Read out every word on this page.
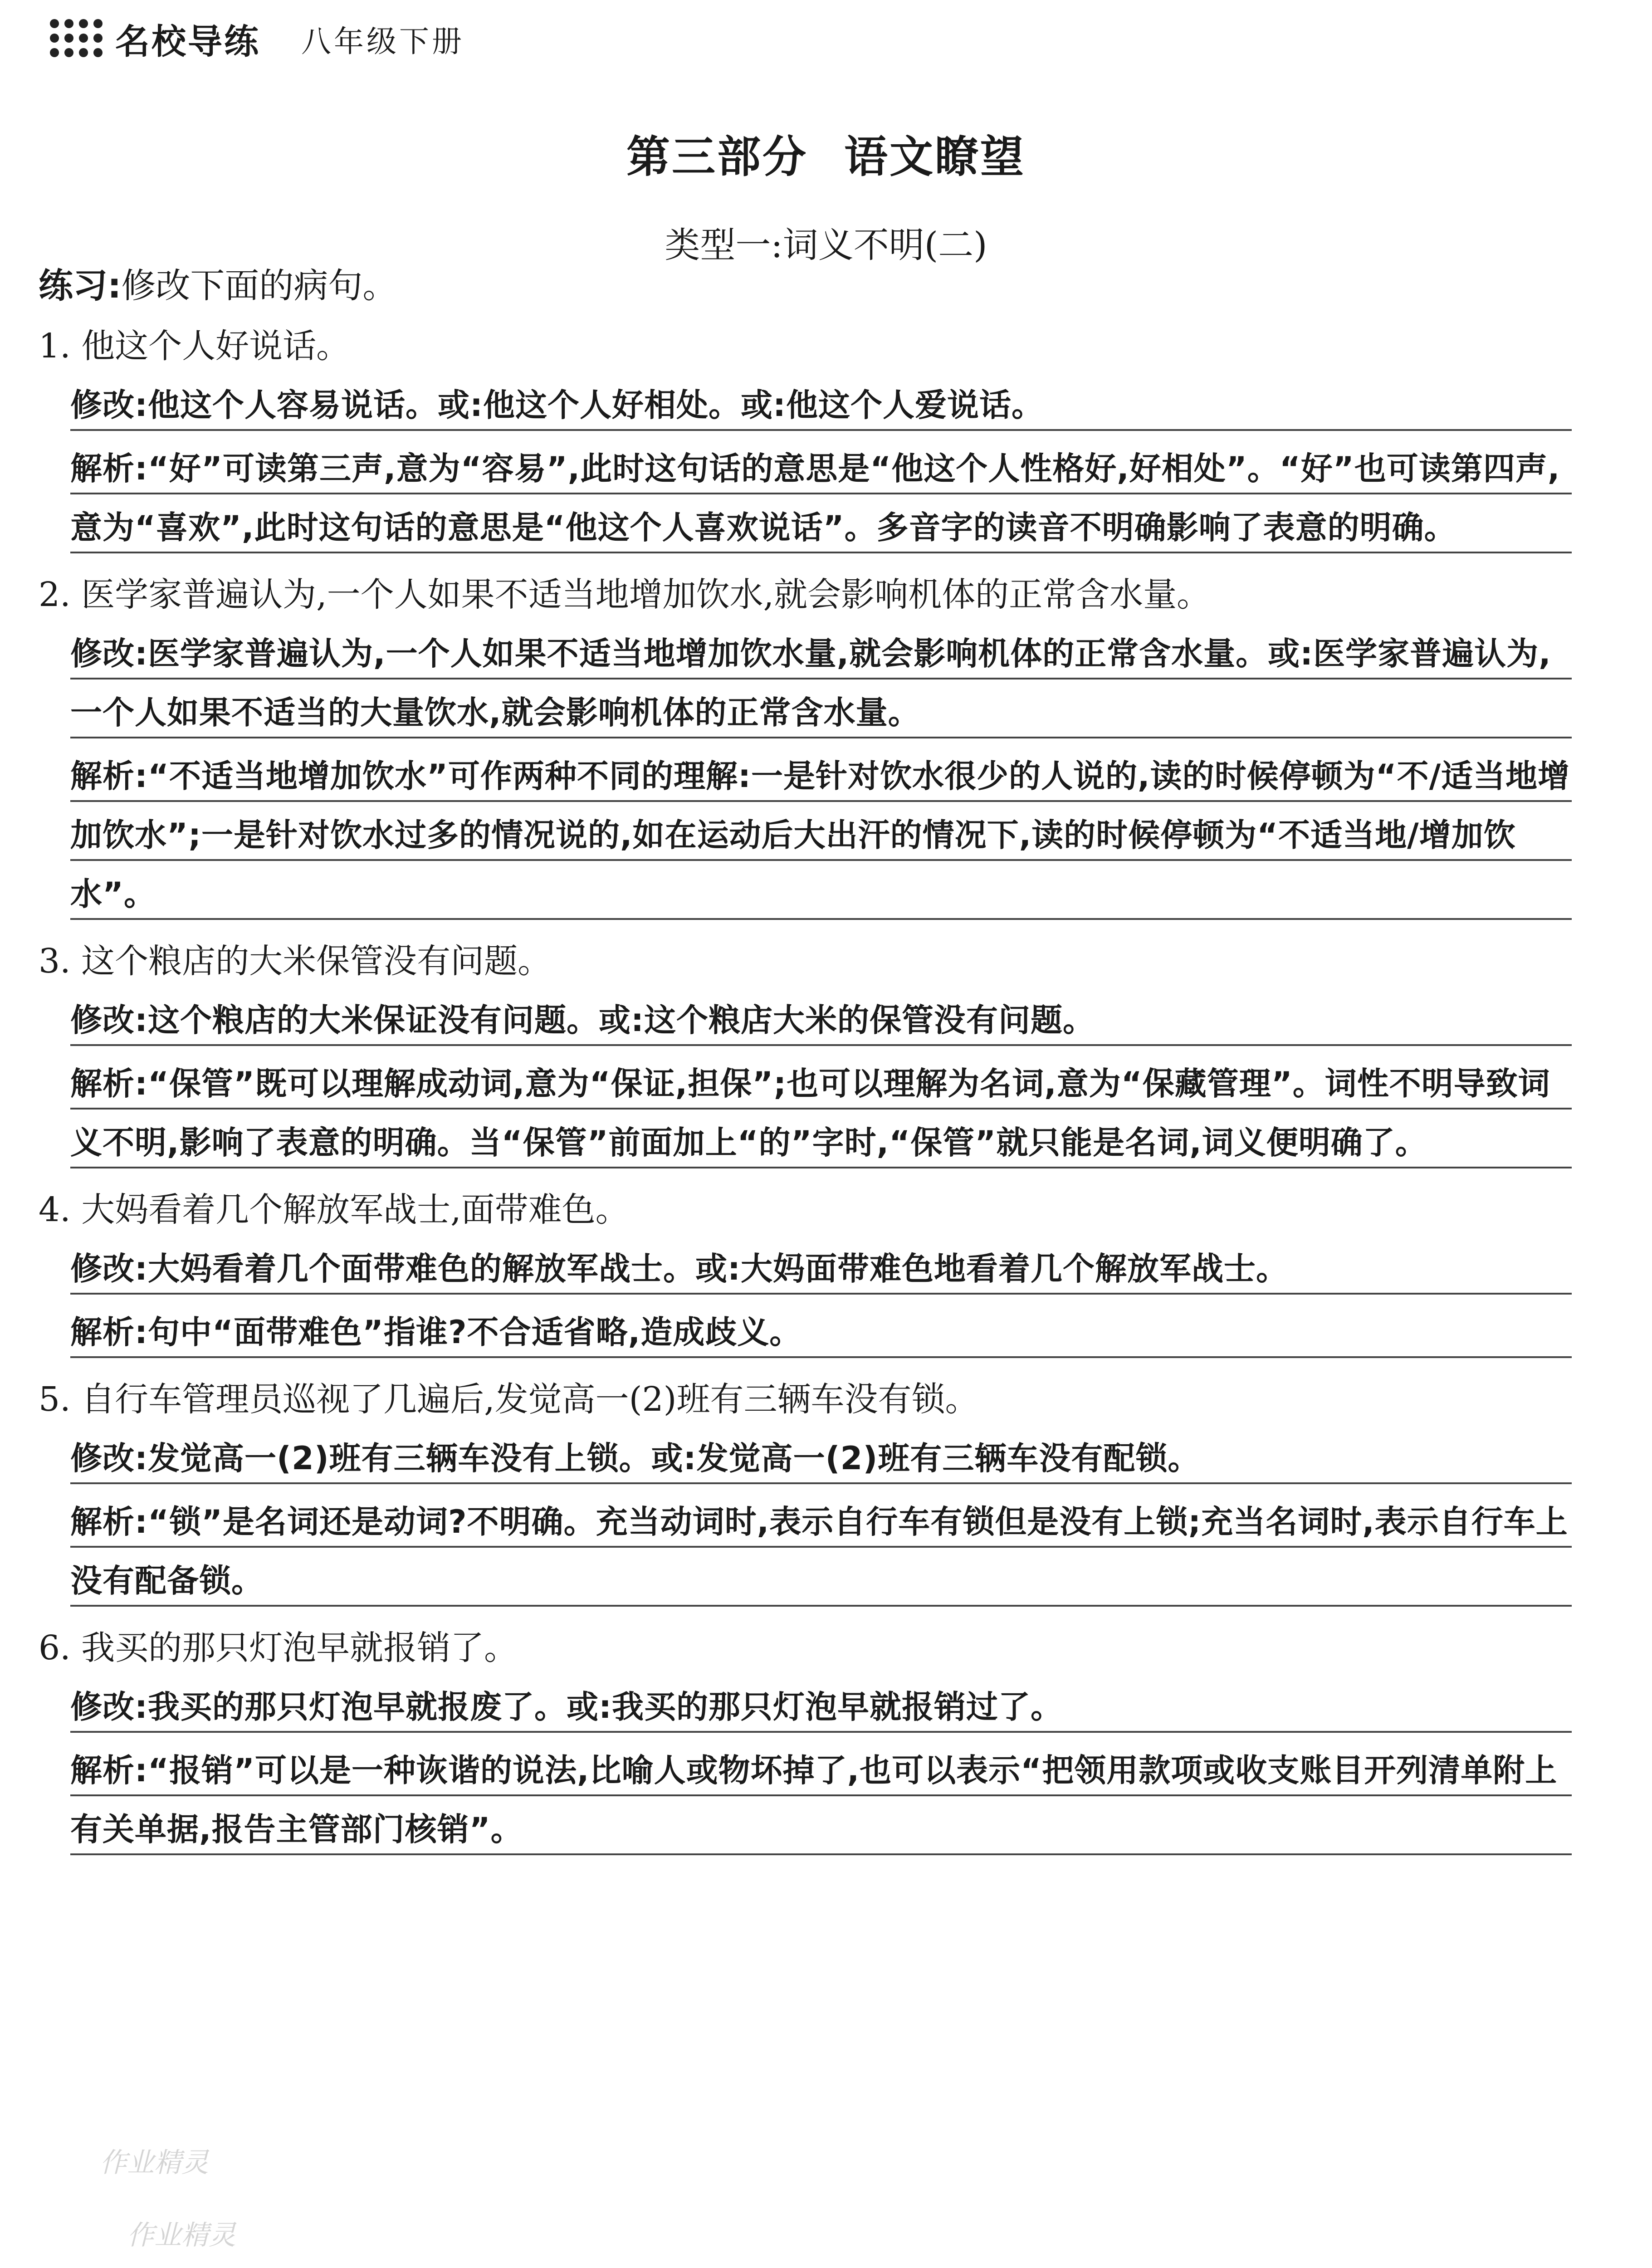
名校导练 八年级下册
第三部分 语文瞭望
类型一:词义不明(二)
练习:修改下面的病句。
1. 他这个人好说话。

修改:他这个人容易说话。或:他这个人好相处。或:他这个人爱说话。

解析:“好”可读第三声,意为“容易”,此时这句话的意思是“他这个人性格好,好相处”。“好”也可读第四声,意为“喜欢”,此时这句话的意思是“他这个人喜欢说话”。多音字的读音不明确影响了表意的明确。

2. 医学家普遍认为,一个人如果不适当地增加饮水,就会影响机体的正常含水量。

修改:医学家普遍认为,一个人如果不适当地增加饮水量,就会影响机体的正常含水量。或:医学家普遍认为,一个人如果不适当的大量饮水,就会影响机体的正常含水量。

解析:“不适当地增加饮水”可作两种不同的理解:一是针对饮水很少的人说的,读的时候停顿为“不/适当地增加饮水”;一是针对饮水过多的情况说的,如在运动后大出汗的情况下,读的时候停顿为“不适当地/增加饮水”。

3. 这个粮店的大米保管没有问题。

修改:这个粮店的大米保证没有问题。或:这个粮店大米的保管没有问题。

解析:“保管”既可以理解成动词,意为“保证,担保”;也可以理解为名词,意为“保藏管理”。词性不明导致词义不明,影响了表意的明确。当“保管”前面加上“的”字时,“保管”就只能是名词,词义便明确了。

4. 大妈看着几个解放军战士,面带难色。

修改:大妈看着几个面带难色的解放军战士。或:大妈面带难色地看着几个解放军战士。

解析:句中“面带难色”指谁?不合适省略,造成歧义。

5. 自行车管理员巡视了几遍后,发觉高一(2)班有三辆车没有锁。

修改:发觉高一(2)班有三辆车没有上锁。或:发觉高一(2)班有三辆车没有配锁。

解析:“锁”是名词还是动词?不明确。充当动词时,表示自行车有锁但是没有上锁;充当名词时,表示自行车上没有配备锁。

6. 我买的那只灯泡早就报销了。

修改:我买的那只灯泡早就报废了。或:我买的那只灯泡早就报销过了。

解析:“报销”可以是一种诙谐的说法,比喻人或物坏掉了,也可以表示“把领用款项或收支账目开列清单附上有关单据,报告主管部门核销”。

作业精灵
作业精灵
